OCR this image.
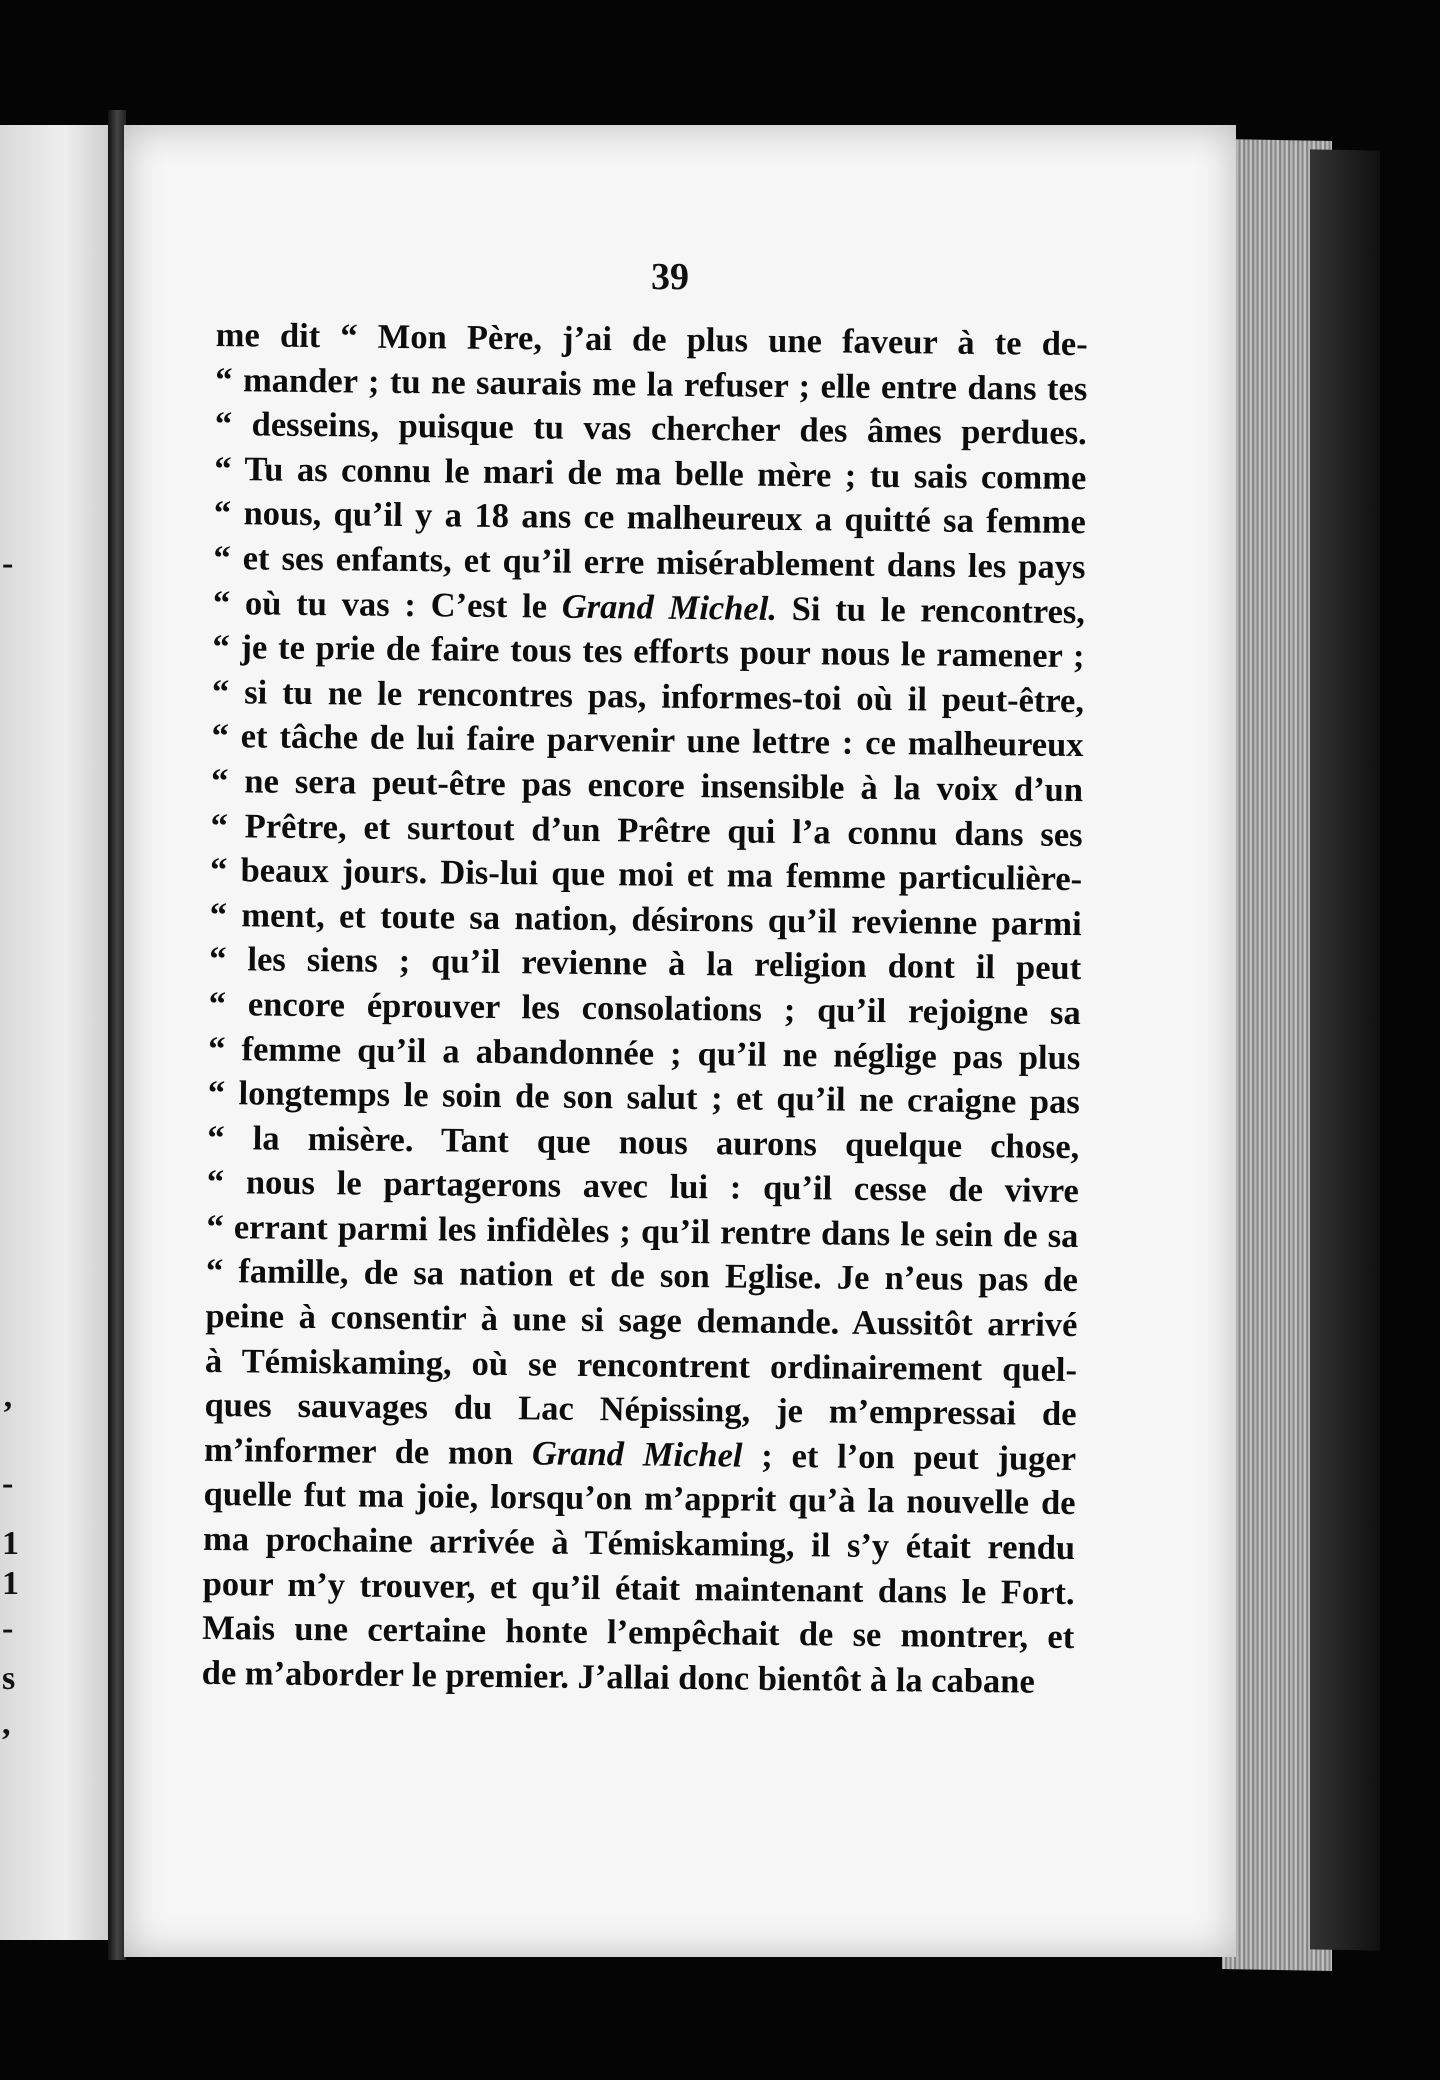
-
’
-
1
1
-
s
,
39
me dit “ Mon Père, j’ai de plus une faveur à te de-
“ mander ; tu ne saurais me la refuser ; elle entre dans tes
“ desseins, puisque tu vas chercher des âmes perdues.
“ Tu as connu le mari de ma belle mère ; tu sais comme
“ nous, qu’il y a 18 ans ce malheureux a quitté sa femme
“ et ses enfants, et qu’il erre misérablement dans les pays
“ où tu vas : C’est le Grand Michel. Si tu le rencontres,
“ je te prie de faire tous tes efforts pour nous le ramener ;
“ si tu ne le rencontres pas, informes-toi où il peut-être,
“ et tâche de lui faire parvenir une lettre : ce malheureux
“ ne sera peut-être pas encore insensible à la voix d’un
“ Prêtre, et surtout d’un Prêtre qui l’a connu dans ses
“ beaux jours. Dis-lui que moi et ma femme particulière-
“ ment, et toute sa nation, désirons qu’il revienne parmi
“ les siens ; qu’il revienne à la religion dont il peut
“ encore éprouver les consolations ; qu’il rejoigne sa
“ femme qu’il a abandonnée ; qu’il ne néglige pas plus
“ longtemps le soin de son salut ; et qu’il ne craigne pas
“ la misère. Tant que nous aurons quelque chose,
“ nous le partagerons avec lui : qu’il cesse de vivre
“ errant parmi les infidèles ; qu’il rentre dans le sein de sa
“ famille, de sa nation et de son Eglise. Je n’eus pas de
peine à consentir à une si sage demande. Aussitôt arrivé
à Témiskaming, où se rencontrent ordinairement quel-
ques sauvages du Lac Népissing, je m’empressai de
m’informer de mon Grand Michel ; et l’on peut juger
quelle fut ma joie, lorsqu’on m’apprit qu’à la nouvelle de
ma prochaine arrivée à Témiskaming, il s’y était rendu
pour m’y trouver, et qu’il était maintenant dans le Fort.
Mais une certaine honte l’empêchait de se montrer, et
de m’aborder le premier. J’allai donc bientôt à la cabane
